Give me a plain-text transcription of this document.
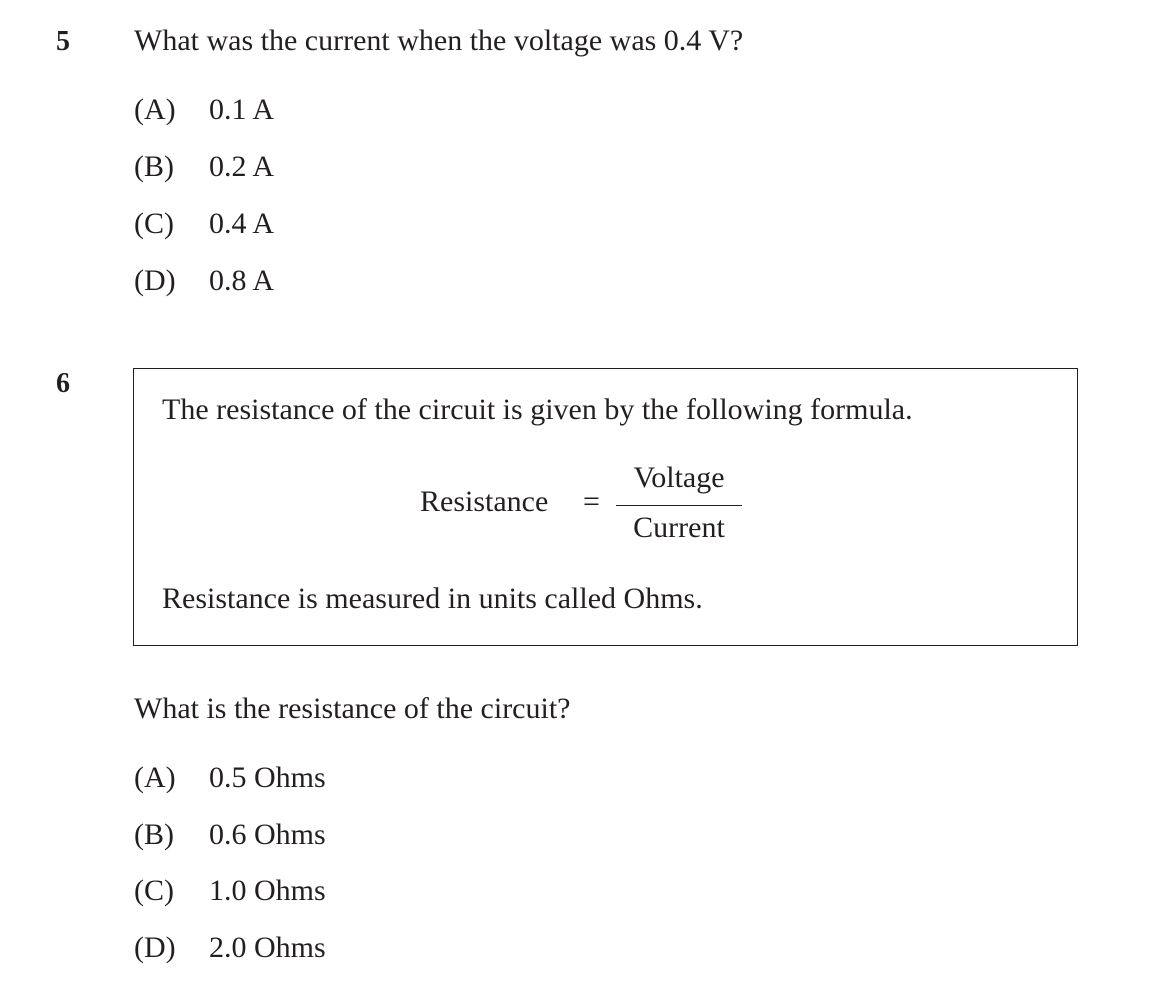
5 What was the current when the voltage was 0.4 V?
(A) 0.1 A
(B) 0.2 A
(C) 0.4 A
(D) 0.8 A
6
The resistance of the circuit is given by the following formula.
Resistance =
Voltage
Current
Resistance is measured in units called Ohms.
What is the resistance of the circuit?
(A) 0.5 Ohms
(B) 0.6 Ohms
(C) 1.0 Ohms
(D) 2.0 Ohms
